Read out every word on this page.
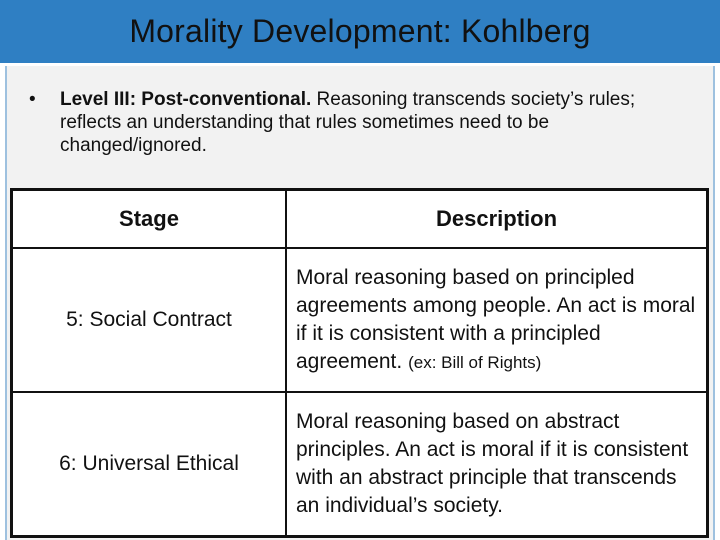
Morality Development: Kohlberg
• Level III: Post-conventional. Reasoning transcends society’s rules; reflects an understanding that rules sometimes need to be changed/ignored.
Stage	Description
5: Social Contract	Moral reasoning based on principled agreements among people. An act is moral if it is consistent with a principled agreement. (ex: Bill of Rights)
6: Universal Ethical	Moral reasoning based on abstract principles. An act is moral if it is consistent with an abstract principle that transcends an individual’s society.
